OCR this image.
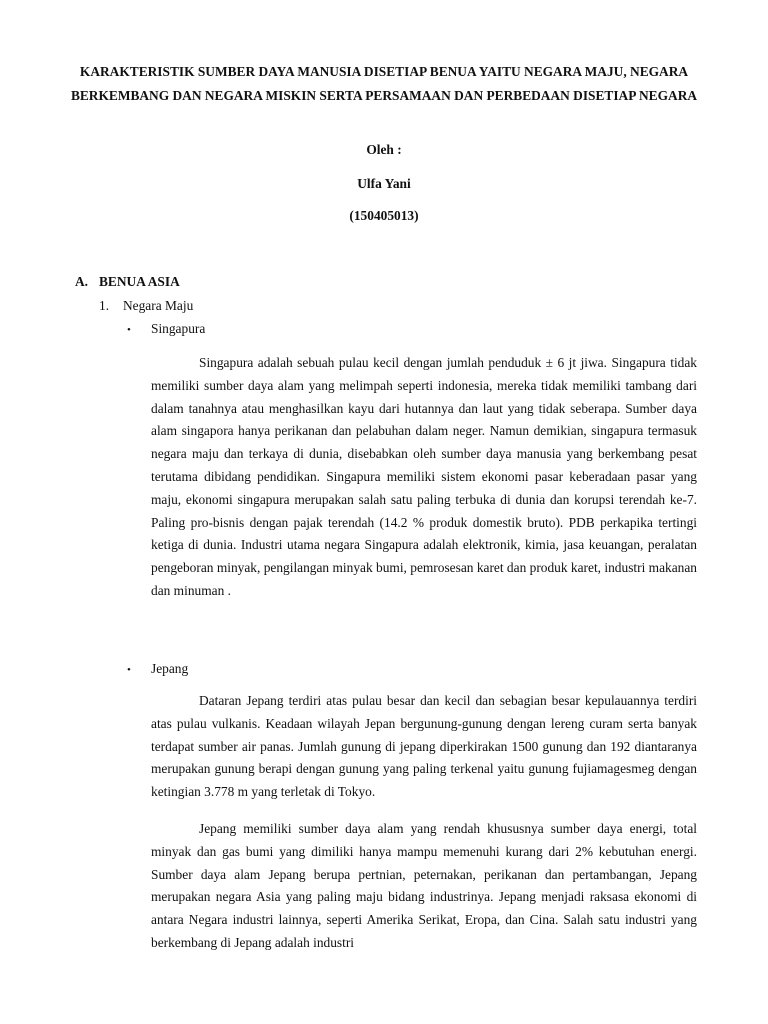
KARAKTERISTIK SUMBER DAYA MANUSIA DISETIAP BENUA YAITU NEGARA MAJU, NEGARA BERKEMBANG DAN NEGARA MISKIN SERTA PERSAMAAN DAN PERBEDAAN DISETIAP NEGARA
Oleh :
Ulfa Yani
(150405013)
A. BENUA ASIA
1. Negara Maju
• Singapura

Singapura adalah sebuah pulau kecil dengan jumlah penduduk ± 6 jt jiwa. Singapura tidak memiliki sumber daya alam yang melimpah seperti indonesia, mereka tidak memiliki tambang dari dalam tanahnya atau menghasilkan kayu dari hutannya dan laut yang tidak seberapa. Sumber daya alam singapora hanya perikanan dan pelabuhan dalam neger. Namun demikian, singapura termasuk negara maju dan terkaya di dunia, disebabkan oleh sumber daya manusia yang berkembang pesat terutama dibidang pendidikan. Singapura memiliki sistem ekonomi pasar keberadaan pasar yang maju, ekonomi singapura merupakan salah satu paling terbuka di dunia dan korupsi terendah ke-7. Paling pro-bisnis dengan pajak terendah (14.2 % produk domestik bruto). PDB perkapika tertingi ketiga di dunia. Industri utama negara Singapura adalah elektronik, kimia, jasa keuangan, peralatan pengeboran minyak, pengilangan minyak bumi, pemrosesan karet dan produk karet, industri makanan dan minuman .

• Jepang

Dataran Jepang terdiri atas pulau besar dan kecil dan sebagian besar kepulauannya terdiri atas pulau vulkanis. Keadaan wilayah Jepan bergunung-gunung dengan lereng curam serta banyak terdapat sumber air panas. Jumlah gunung di jepang diperkirakan 1500 gunung dan 192 diantaranya merupakan gunung berapi dengan gunung yang paling terkenal yaitu gunung fujiamagesmeg dengan ketingian 3.778 m yang terletak di Tokyo.

Jepang memiliki sumber daya alam yang rendah khususnya sumber daya energi, total minyak dan gas bumi yang dimiliki hanya mampu memenuhi kurang dari 2% kebutuhan energi. Sumber daya alam Jepang berupa pertnian, peternakan, perikanan dan pertambangan, Jepang merupakan negara Asia yang paling maju bidang industrinya. Jepang menjadi raksasa ekonomi di antara Negara industri lainnya, seperti Amerika Serikat, Eropa, dan Cina. Salah satu industri yang berkembang di Jepang adalah industri
